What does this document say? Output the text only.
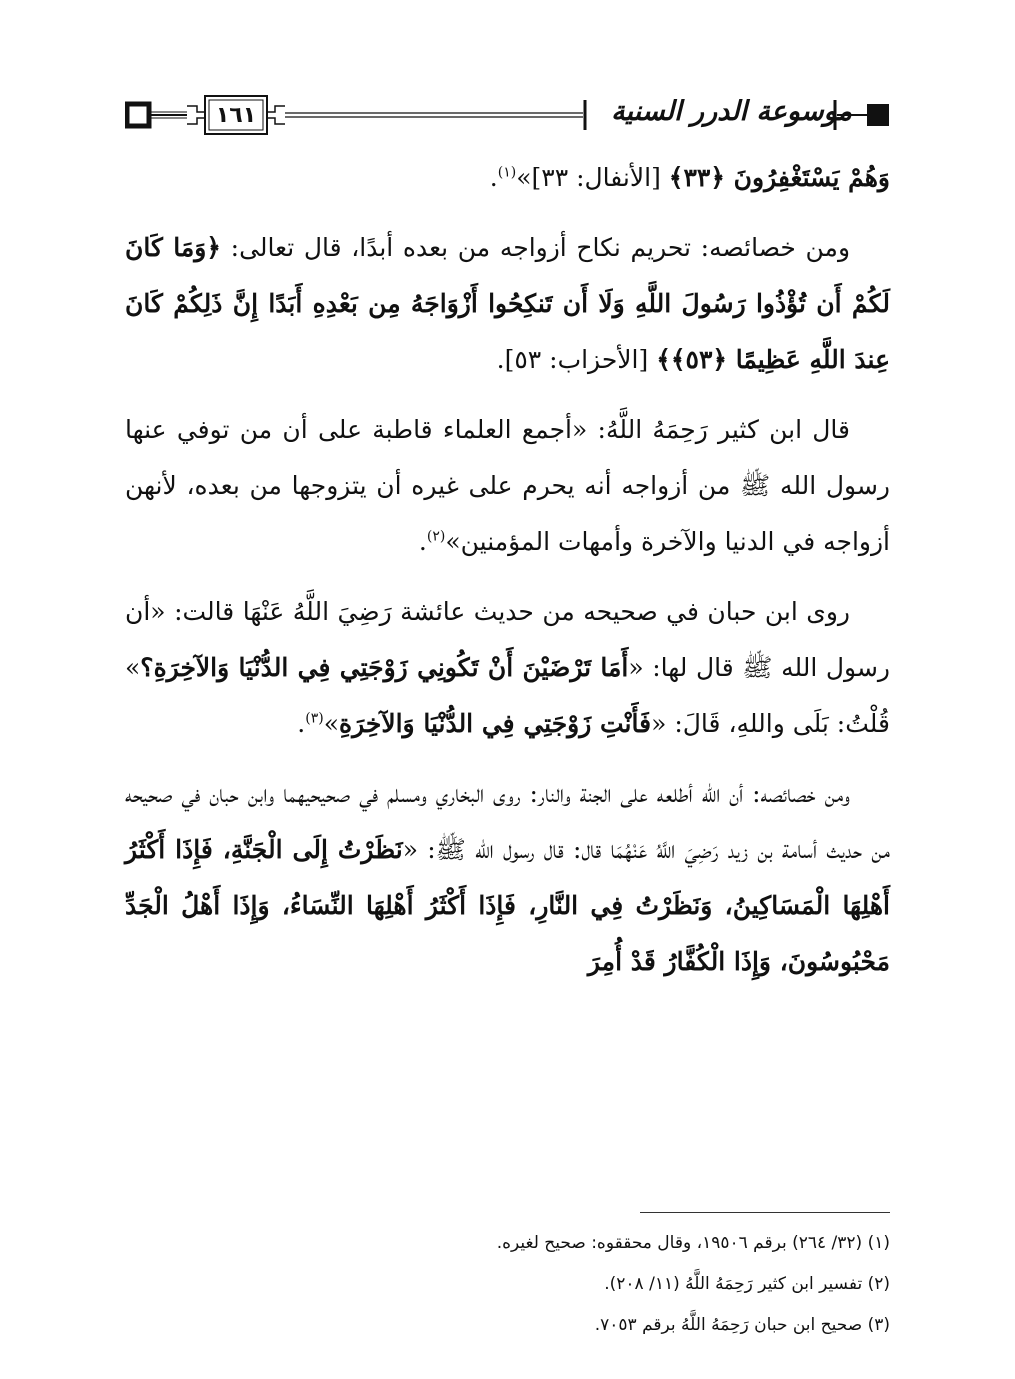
١٦١	موسوعة الدرر السنية

وَهُمْ يَسْتَغْفِرُونَ ﴿٣٣﴾ [الأنفال: ٣٣]»$^{(١)}$.

ومن خصائصه: تحريم نكاح أزواجه من بعده أبدًا، قال تعالى: ﴿وَمَا كَانَ لَكُمْ أَن تُؤْذُوا رَسُولَ اللَّهِ وَلَا أَن تَنكِحُوا أَزْوَاجَهُ مِن بَعْدِهِ أَبَدًا إِنَّ ذَلِكُمْ كَانَ عِندَ اللَّهِ عَظِيمًا ﴿٥٣﴾﴾ [الأحزاب: ٥٣].

قال ابن كثير رَحِمَهُ اللَّهُ: «أجمع العلماء قاطبة على أن من توفي عنها رسول الله ﷺ من أزواجه أنه يحرم على غيره أن يتزوجها من بعده، لأنهن أزواجه في الدنيا والآخرة وأمهات المؤمنين»$^{(٢)}$.

روى ابن حبان في صحيحه من حديث عائشة رَضِيَ اللَّهُ عَنْهَا قالت: «أن رسول الله ﷺ قال لها: «أَمَا تَرْضَيْنَ أَنْ تَكُونِي زَوْجَتِي فِي الدُّنْيَا وَالآخِرَةِ؟» قُلْتُ: بَلَى واللهِ، قَالَ: «فَأَنْتِ زَوْجَتِي فِي الدُّنْيَا وَالآخِرَةِ»$^{(٣)}$.

ومن خصائصه: أن الله أطلعه على الجنة والنار: روى البخاري ومسلم في صحيحيهما وابن حبان في صحيحه من حديث أسامة بن زيد رَضِيَ اللَّهُ عَنْهُمَا قال: قال رسول الله ﷺ: «نَظَرْتُ إِلَى الْجَنَّةِ، فَإِذَا أَكْثَرُ أَهْلِهَا الْمَسَاكِينُ، وَنَظَرْتُ فِي النَّارِ، فَإِذَا أَكْثَرُ أَهْلِهَا النِّسَاءُ، وَإِذَا أَهْلُ الْجَدِّ مَحْبُوسُونَ، وَإِذَا الْكُفَّارُ قَدْ أُمِرَ

(١) (٣٢/ ٢٦٤) برقم ١٩٥٠٦، وقال محققوه: صحيح لغيره.
(٢) تفسير ابن كثير رَحِمَهُ اللَّهُ (١١/ ٢٠٨).
(٣) صحيح ابن حبان رَحِمَهُ اللَّهُ برقم ٧٠٥٣.
